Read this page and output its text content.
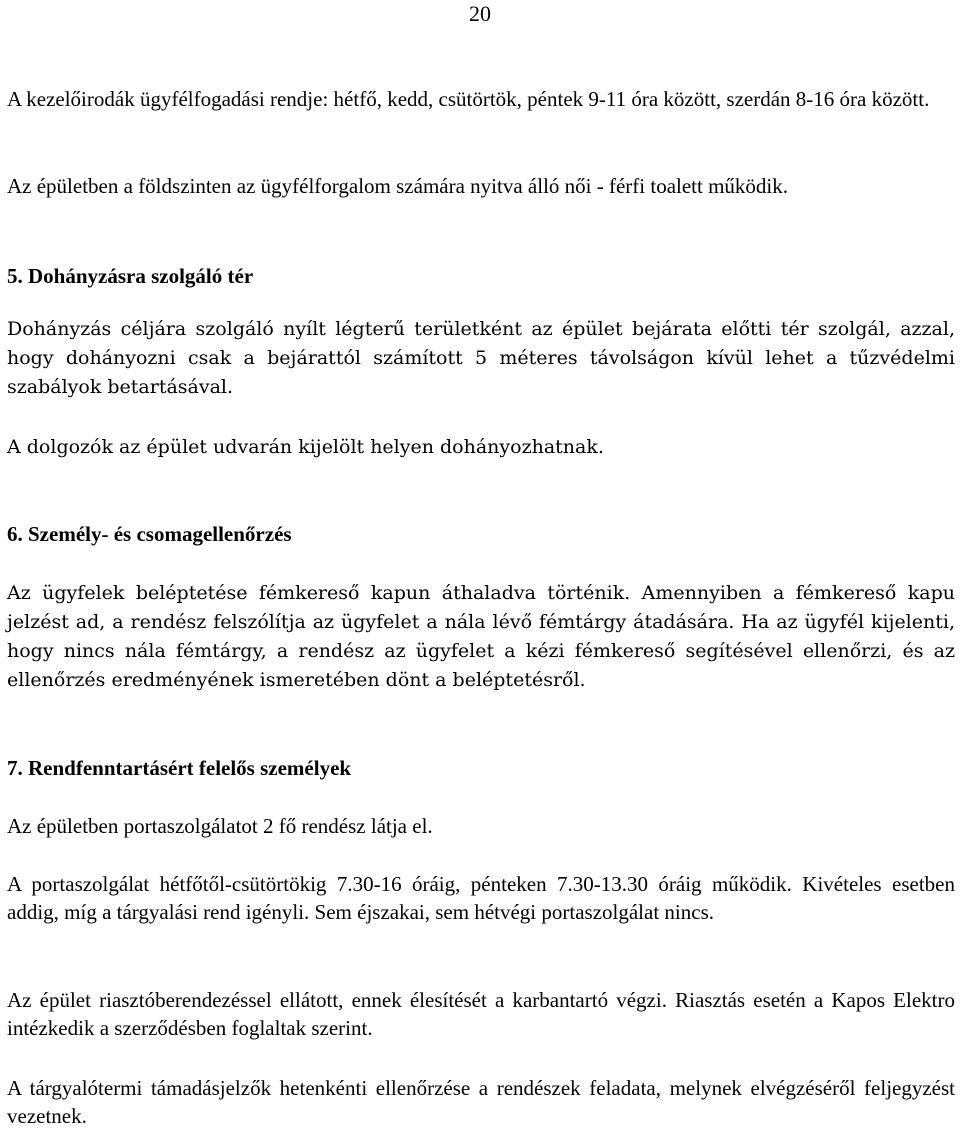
20

A kezelőirodák ügyfélfogadási rendje: hétfő, kedd, csütörtök, péntek 9-11 óra között, szerdán 8-16 óra között.

Az épületben a földszinten az ügyfélforgalom számára nyitva álló női - férfi toalett működik.

5. Dohányzásra szolgáló tér

Dohányzás céljára szolgáló nyílt légterű területként az épület bejárata előtti tér szolgál, azzal, hogy dohányozni csak a bejárattól számított 5 méteres távolságon kívül lehet a tűzvédelmi szabályok betartásával.

A dolgozók az épület udvarán kijelölt helyen dohányozhatnak.

6. Személy- és csomagellenőrzés

Az ügyfelek beléptetése fémkereső kapun áthaladva történik. Amennyiben a fémkereső kapu jelzést ad, a rendész felszólítja az ügyfelet a nála lévő fémtárgy átadására. Ha az ügyfél kijelenti, hogy nincs nála fémtárgy, a rendész az ügyfelet a kézi fémkereső segítésével ellenőrzi, és az ellenőrzés eredményének ismeretében dönt a beléptetésről.

7. Rendfenntartásért felelős személyek

Az épületben portaszolgálatot 2 fő rendész látja el.

A portaszolgálat hétfőtől-csütörtökig 7.30-16 óráig, pénteken 7.30-13.30 óráig működik. Kivételes esetben addig, míg a tárgyalási rend igényli. Sem éjszakai, sem hétvégi portaszolgálat nincs.

Az épület riasztóberendezéssel ellátott, ennek élesítését a karbantartó végzi. Riasztás esetén a Kapos Elektro intézkedik a szerződésben foglaltak szerint.

A tárgyalótermi támadásjelzők hetenkénti ellenőrzése a rendészek feladata, melynek elvégzéséről feljegyzést vezetnek.
